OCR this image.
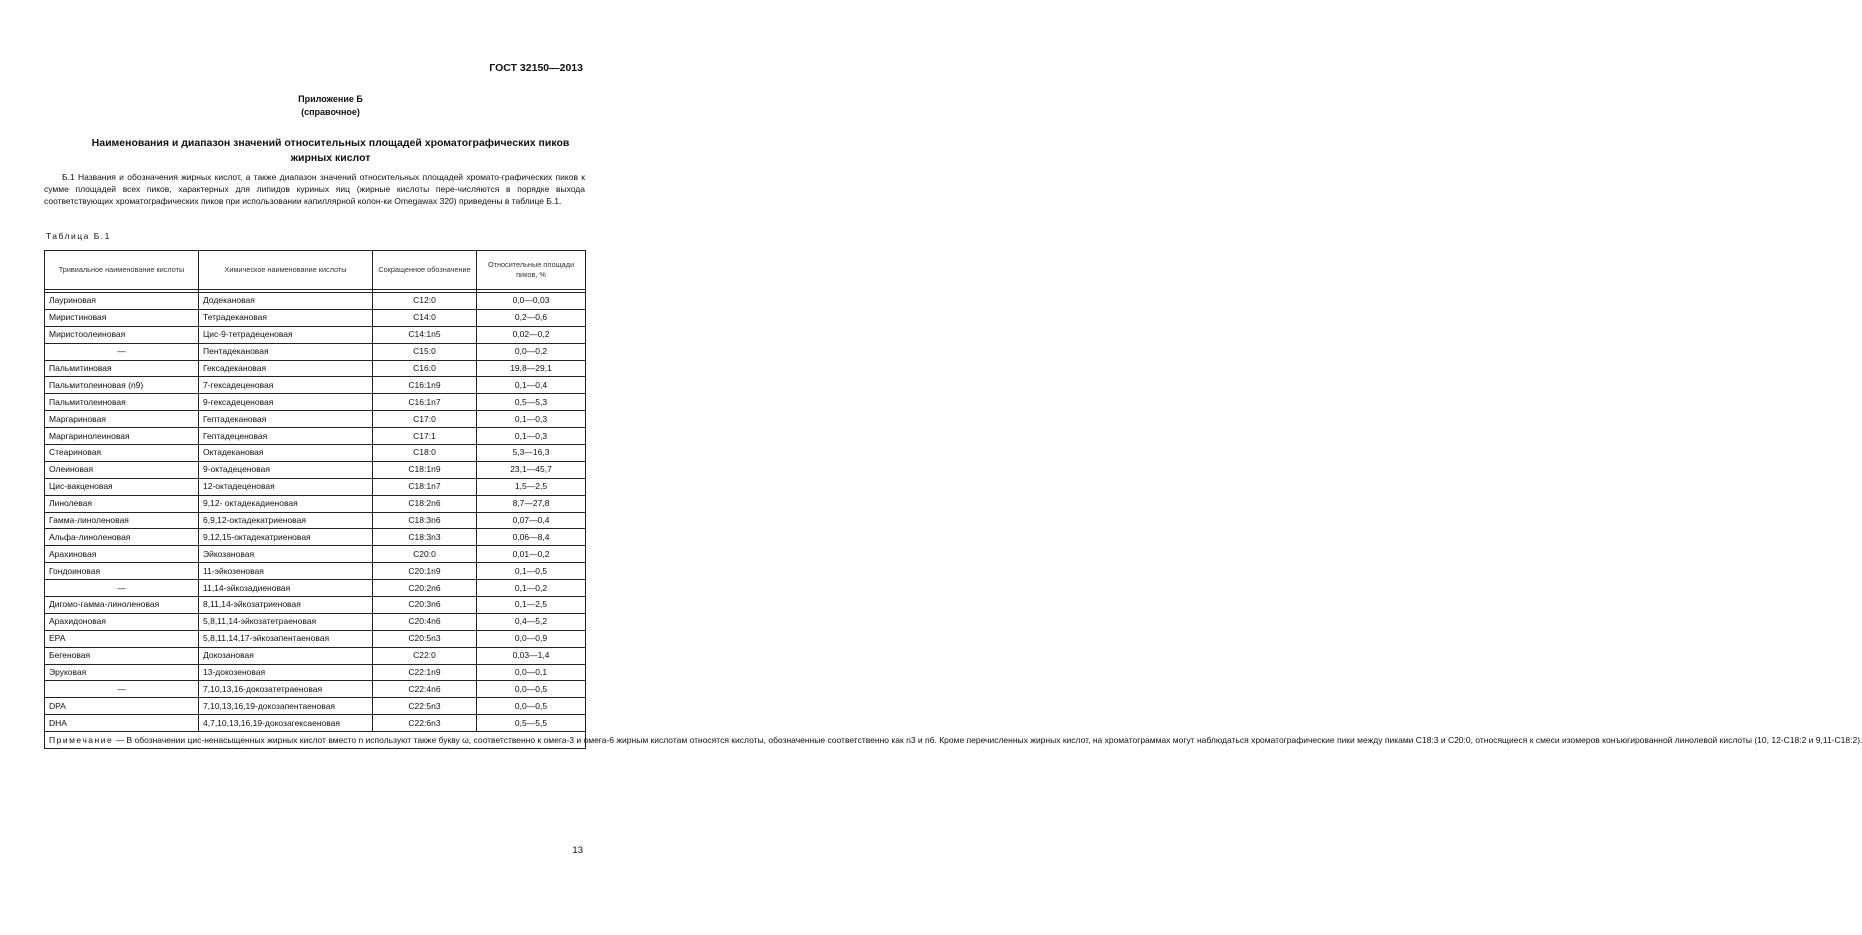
ГОСТ 32150—2013
Приложение Б
(справочное)
Наименования и диапазон значений относительных площадей хроматографических пиков
жирных кислот
Б.1 Названия и обозначения жирных кислот, а также диапазон значений относительных площадей хромато-графических пиков к сумме площадей всех пиков, характерных для липидов куриных яиц (жирные кислоты пере-числяются в порядке выхода соответствующих хроматографических пиков при использовании капиллярной колон-ки Omegawax 320) приведены в таблице Б.1.
Таблица Б.1
Тривиальное наименование кислоты	Химическое наименование кислоты	Сокращенное обозначение	Относительные площади пиков, %

Лауриновая	Додекановая	C12:0	0,0—0,03
Миристиновая	Тетрадекановая	C14:0	0,2—0,6
Миристоолеиновая	Цис-9-тетрадеценовая	C14:1n5	0,02—0,2
—	Пентадекановая	C15:0	0,0—0,2
Пальмитиновая	Гексадекановая	C16:0	19,8—29,1
Пальмитолеиновая (n9)	7-гексадеценовая	C16:1n9	0,1—0,4
Пальмитолеиновая	9-гексадеценовая	C16:1n7	0,5—5,3
Маргариновая	Гептадекановая	C17:0	0,1—0,3
Маргаринолеиновая	Гептадеценовая	C17:1	0,1—0,3
Стеариновая	Октадекановая	C18:0	5,3—16,3
Олеиновая	9-октадеценовая	C18:1n9	23,1—45,7
Цис-вакценовая	12-октадеценовая	C18:1n7	1,5—2,5
Линолевая	9,12- октадекадиеновая	C18:2n6	8,7—27,8
Гамма-линоленовая	6,9,12-октадекатриеновая	C18:3n6	0,07—0,4
Альфа-линоленовая	9,12,15-октадекатриеновая	C18:3n3	0,06—8,4
Арахиновая	Эйкозановая	C20:0	0,01—0,2
Гондоиновая	11-эйкозеновая	C20:1n9	0,1—0,5
—	11,14-эйкозадиеновая	C20:2n6	0,1—0,2
Дигомо-гамма-линоленовая	8,11,14-эйкозатриеновая	C20:3n6	0,1—2,5
Арахидоновая	5,8,11,14-эйкозатетраеновая	C20:4n6	0,4—5,2
EPA	5,8,11,14,17-эйкозапентаеновая	C20:5n3	0,0—0,9
Бегеновая	Докозановая	C22:0	0,03—1,4
Эруковая	13-докозеновая	C22:1n9	0,0—0,1
—	7,10,13,16-докозатетраеновая	C22:4n6	0,0—0,5
DPA	7,10,13,16,19-докозапентаеновая	C22:5n3	0,0—0,5
DHA	4,7,10,13,16,19-докозагексаеновая	C22:6n3	0,5—5,5
Примечание — В обозначении цис-ненасыщенных жирных кислот вместо n используют также букву ω, соответственно к омега-3 и омега-6 жирным кислотам относятся кислоты, обозначенные соответственно как n3 и n6. Кроме перечисленных жирных кислот, на хроматограммах могут наблюдаться хроматографические пики между пиками C18:3 и C20:0, относящиеся к смеси изомеров конъюгированной линолевой кислоты (10, 12-C18:2 и 9,11-C18:2).			
13
